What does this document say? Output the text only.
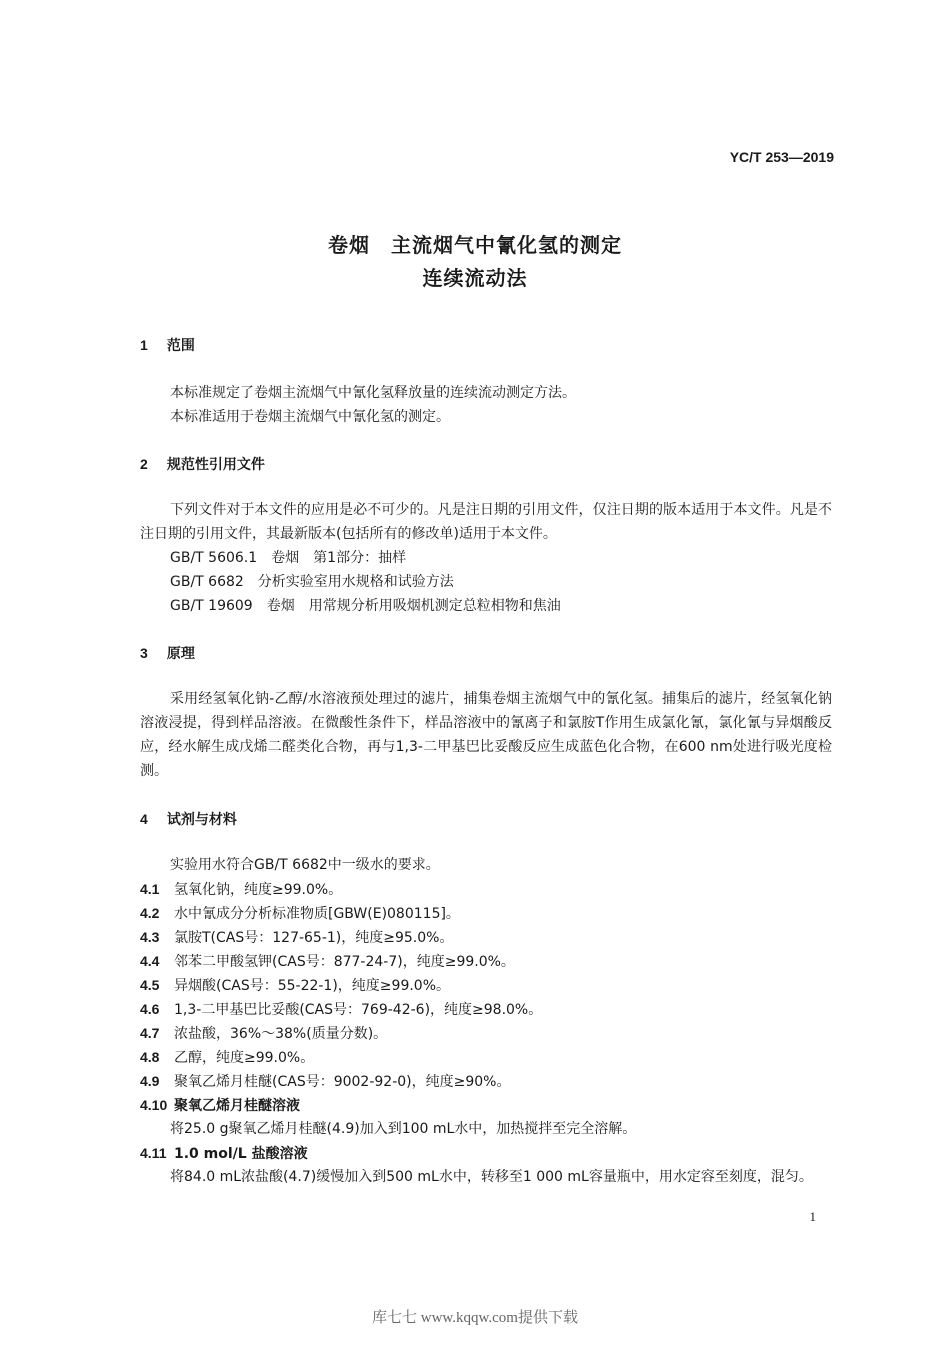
YC/T 253—2019
卷烟　主流烟气中氰化氢的测定
连续流动法
1 范围
本标准规定了卷烟主流烟气中氰化氢释放量的连续流动测定方法。
本标准适用于卷烟主流烟气中氰化氢的测定。
2 规范性引用文件
下列文件对于本文件的应用是必不可少的。凡是注日期的引用文件，仅注日期的版本适用于本文件。凡是不注日期的引用文件，其最新版本(包括所有的修改单)适用于本文件。
GB/T 5606.1　卷烟　第1部分：抽样
GB/T 6682　分析实验室用水规格和试验方法
GB/T 19609　卷烟　用常规分析用吸烟机测定总粒相物和焦油
3 原理
采用经氢氧化钠-乙醇/水溶液预处理过的滤片，捕集卷烟主流烟气中的氰化氢。捕集后的滤片，经氢氧化钠溶液浸提，得到样品溶液。在微酸性条件下，样品溶液中的氰离子和氯胺T作用生成氯化氰，氯化氰与异烟酸反应，经水解生成戊烯二醛类化合物，再与1,3-二甲基巴比妥酸反应生成蓝色化合物，在600 nm处进行吸光度检测。
4 试剂与材料
实验用水符合GB/T 6682中一级水的要求。
4.1 氢氧化钠，纯度≥99.0%。
4.2 水中氰成分分析标准物质[GBW(E)080115]。
4.3 氯胺T(CAS号：127-65-1)，纯度≥95.0%。
4.4 邻苯二甲酸氢钾(CAS号：877-24-7)，纯度≥99.0%。
4.5 异烟酸(CAS号：55-22-1)，纯度≥99.0%。
4.6 1,3-二甲基巴比妥酸(CAS号：769-42-6)，纯度≥98.0%。
4.7 浓盐酸，36%～38%(质量分数)。
4.8 乙醇，纯度≥99.0%。
4.9 聚氧乙烯月桂醚(CAS号：9002-92-0)，纯度≥90%。
4.10 聚氧乙烯月桂醚溶液
将25.0 g聚氧乙烯月桂醚(4.9)加入到100 mL水中，加热搅拌至完全溶解。
4.11 1.0 mol/L 盐酸溶液
将84.0 mL浓盐酸(4.7)缓慢加入到500 mL水中，转移至1 000 mL容量瓶中，用水定容至刻度，混匀。
1
库七七 www.kqqw.com提供下载
